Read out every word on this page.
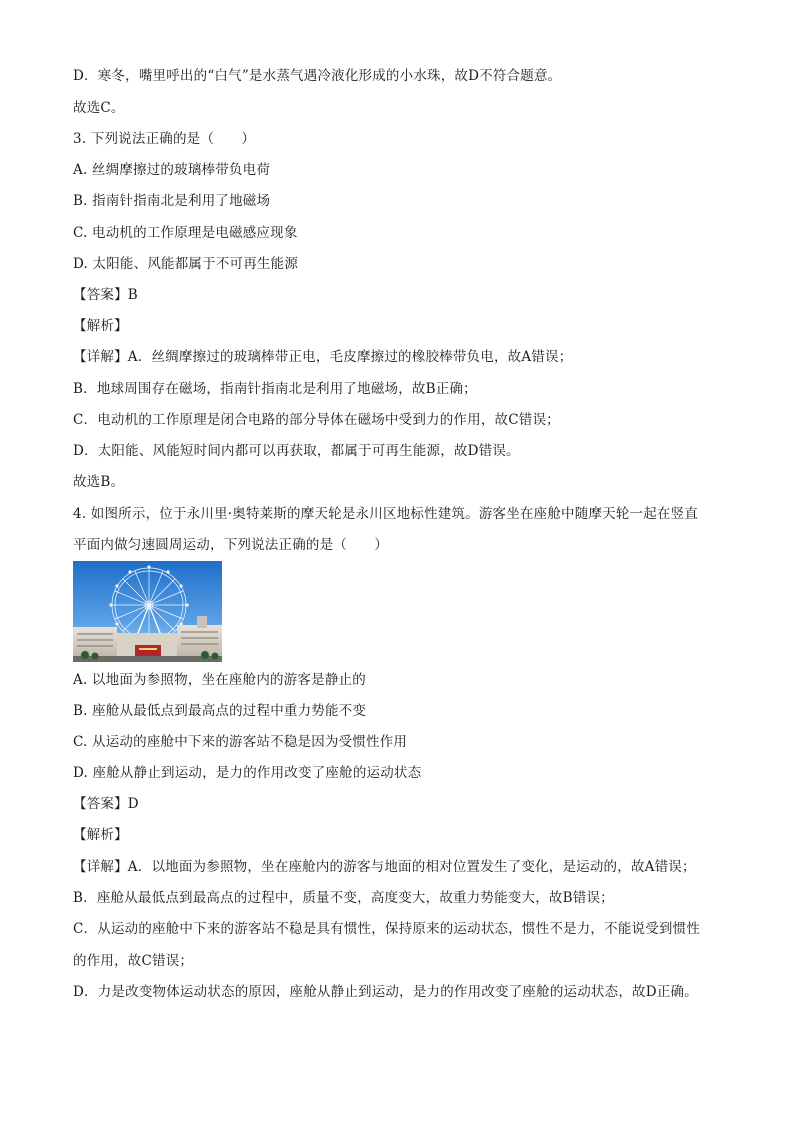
D．寒冬，嘴里呼出的“白气”是水蒸气遇冷液化形成的小水珠，故D不符合题意。
故选C。
3. 下列说法正确的是（　　）
A. 丝绸摩擦过的玻璃棒带负电荷
B. 指南针指南北是利用了地磁场
C. 电动机的工作原理是电磁感应现象
D. 太阳能、风能都属于不可再生能源
【答案】B
【解析】
【详解】A．丝绸摩擦过的玻璃棒带正电，毛皮摩擦过的橡胶棒带负电，故A错误；
B．地球周围存在磁场，指南针指南北是利用了地磁场，故B正确；
C．电动机的工作原理是闭合电路的部分导体在磁场中受到力的作用，故C错误；
D．太阳能、风能短时间内都可以再获取，都属于可再生能源，故D错误。
故选B。
4. 如图所示，位于永川里·奥特莱斯的摩天轮是永川区地标性建筑。游客坐在座舱中随摩天轮一起在竖直
平面内做匀速圆周运动，下列说法正确的是（　　）
A. 以地面为参照物，坐在座舱内的游客是静止的
B. 座舱从最低点到最高点的过程中重力势能不变
C. 从运动的座舱中下来的游客站不稳是因为受惯性作用
D. 座舱从静止到运动，是力的作用改变了座舱的运动状态
【答案】D
【解析】
【详解】A．以地面为参照物，坐在座舱内的游客与地面的相对位置发生了变化，是运动的，故A错误；
B．座舱从最低点到最高点的过程中，质量不变，高度变大，故重力势能变大，故B错误；
C．从运动的座舱中下来的游客站不稳是具有惯性，保持原来的运动状态，惯性不是力，不能说受到惯性
的作用，故C错误；
D．力是改变物体运动状态的原因，座舱从静止到运动，是力的作用改变了座舱的运动状态，故D正确。
